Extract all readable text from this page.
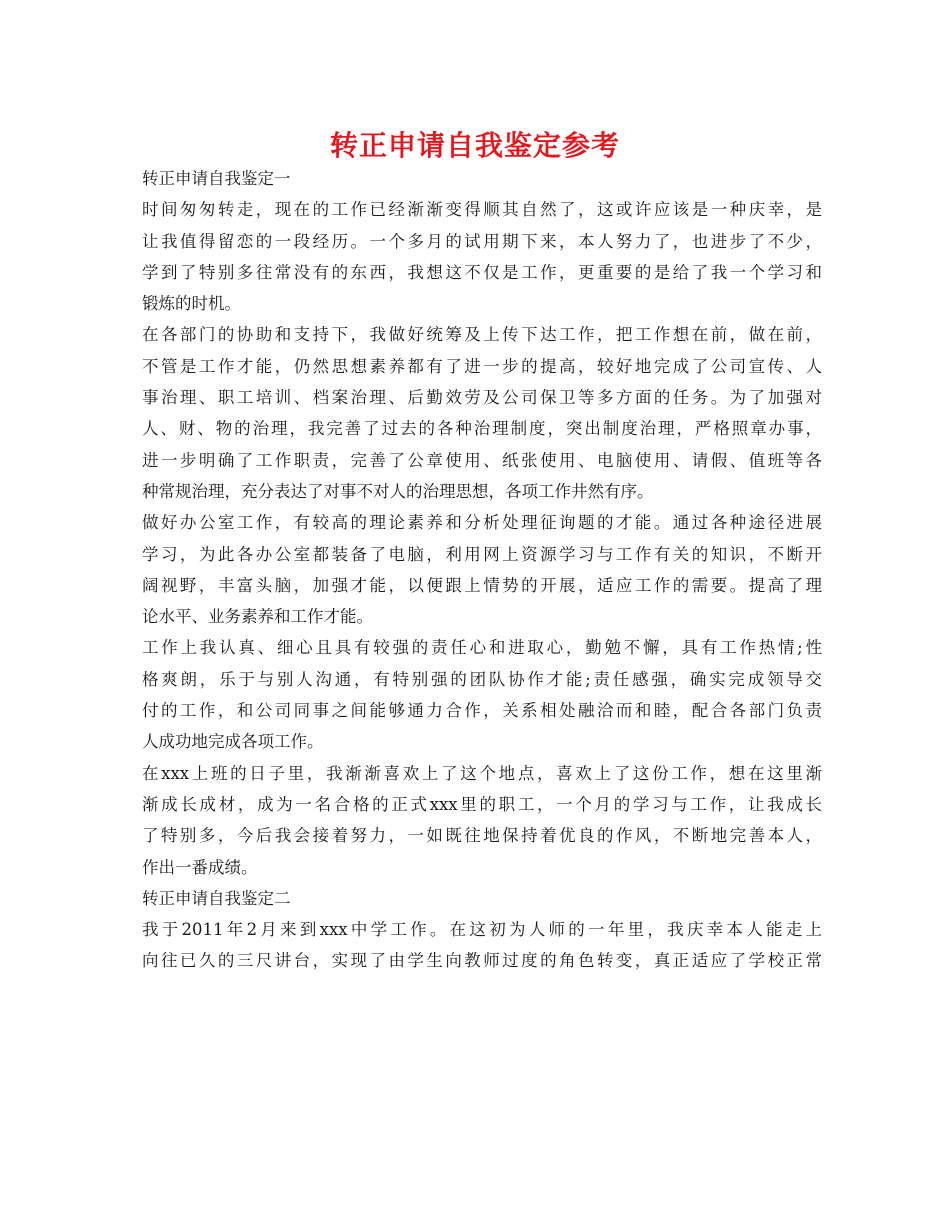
转正申请自我鉴定参考
转正申请自我鉴定一
时间匆匆转走，现在的工作已经渐渐变得顺其自然了，这或许应该是一种庆幸，是
让我值得留恋的一段经历。一个多月的试用期下来，本人努力了，也进步了不少，
学到了特别多往常没有的东西，我想这不仅是工作，更重要的是给了我一个学习和
锻炼的时机。
在各部门的协助和支持下，我做好统筹及上传下达工作，把工作想在前，做在前，
不管是工作才能，仍然思想素养都有了进一步的提高，较好地完成了公司宣传、人
事治理、职工培训、档案治理、后勤效劳及公司保卫等多方面的任务。为了加强对
人、财、物的治理，我完善了过去的各种治理制度，突出制度治理，严格照章办事，
进一步明确了工作职责，完善了公章使用、纸张使用、电脑使用、请假、值班等各
种常规治理，充分表达了对事不对人的治理思想，各项工作井然有序。
做好办公室工作，有较高的理论素养和分析处理征询题的才能。通过各种途径进展
学习，为此各办公室都装备了电脑，利用网上资源学习与工作有关的知识，不断开
阔视野，丰富头脑，加强才能，以便跟上情势的开展，适应工作的需要。提高了理
论水平、业务素养和工作才能。
工作上我认真、细心且具有较强的责任心和进取心，勤勉不懈，具有工作热情;性
格爽朗，乐于与别人沟通，有特别强的团队协作才能;责任感强，确实完成领导交
付的工作，和公司同事之间能够通力合作，关系相处融洽而和睦，配合各部门负责
人成功地完成各项工作。
在xxx上班的日子里，我渐渐喜欢上了这个地点，喜欢上了这份工作，想在这里渐
渐成长成材，成为一名合格的正式xxx里的职工，一个月的学习与工作，让我成长
了特别多，今后我会接着努力，一如既往地保持着优良的作风，不断地完善本人，
作出一番成绩。
转正申请自我鉴定二
我于2011年2月来到xxx中学工作。在这初为人师的一年里，我庆幸本人能走上
向往已久的三尺讲台，实现了由学生向教师过度的角色转变，真正适应了学校正常
